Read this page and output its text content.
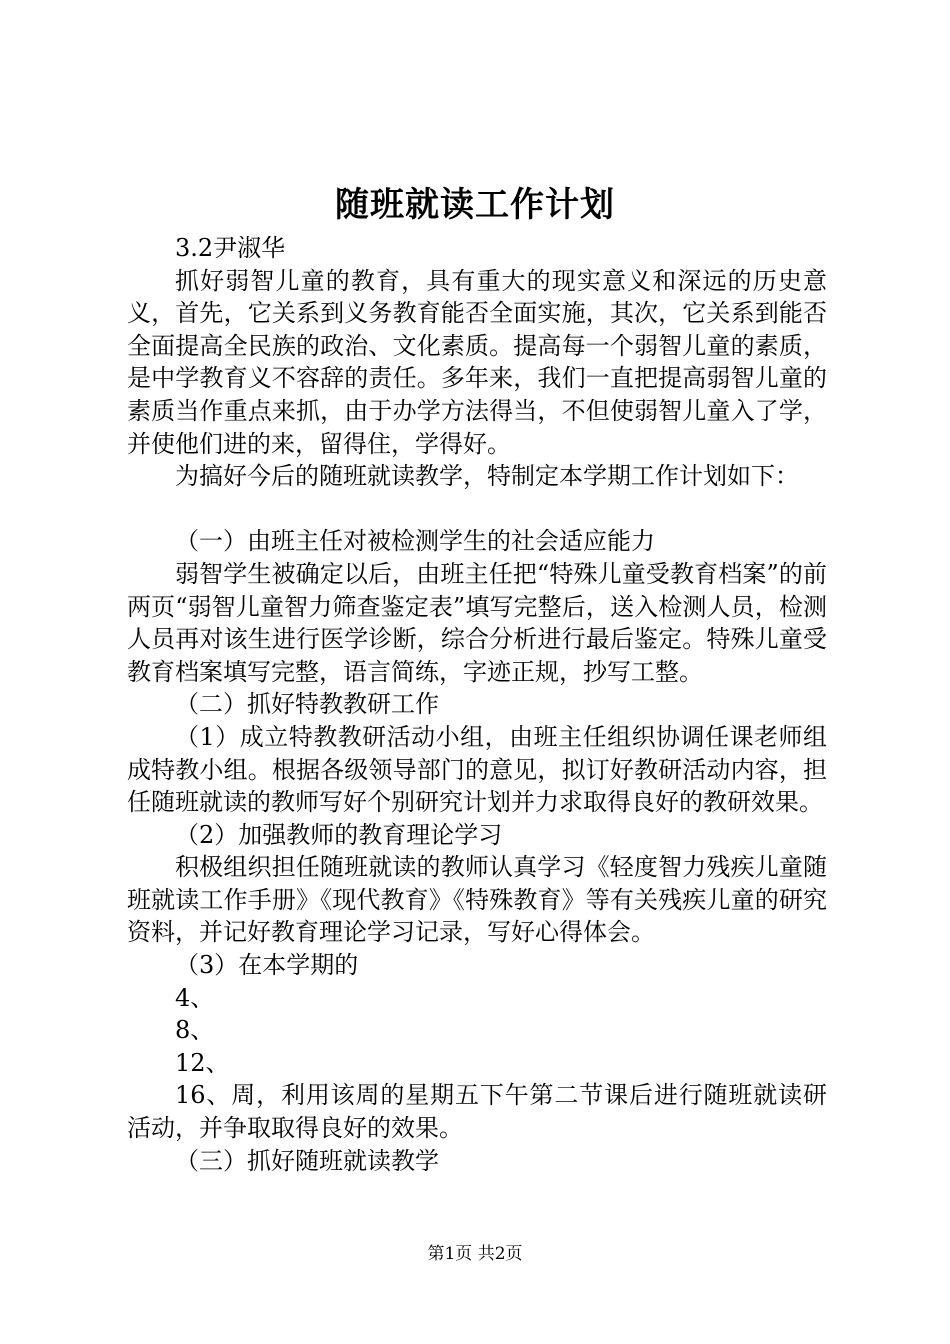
随班就读工作计划

3.2尹淑华

抓好弱智儿童的教育，具有重大的现实意义和深远的历史意义，首先，它关系到义务教育能否全面实施，其次，它关系到能否全面提高全民族的政治、文化素质。提高每一个弱智儿童的素质，是中学教育义不容辞的责任。多年来，我们一直把提高弱智儿童的素质当作重点来抓，由于办学方法得当，不但使弱智儿童入了学，并使他们进的来，留得住，学得好。

为搞好今后的随班就读教学，特制定本学期工作计划如下：

（一）由班主任对被检测学生的社会适应能力

弱智学生被确定以后，由班主任把“特殊儿童受教育档案”的前两页“弱智儿童智力筛查鉴定表”填写完整后，送入检测人员，检测人员再对该生进行医学诊断，综合分析进行最后鉴定。特殊儿童受教育档案填写完整，语言简练，字迹正规，抄写工整。

（二）抓好特教教研工作

（1）成立特教教研活动小组，由班主任组织协调任课老师组成特教小组。根据各级领导部门的意见，拟订好教研活动内容，担任随班就读的教师写好个别研究计划并力求取得良好的教研效果。

（2）加强教师的教育理论学习

积极组织担任随班就读的教师认真学习《轻度智力残疾儿童随班就读工作手册》《现代教育》《特殊教育》等有关残疾儿童的研究资料，并记好教育理论学习记录，写好心得体会。

（3）在本学期的

4、

8、

12、

16、周，利用该周的星期五下午第二节课后进行随班就读研活动，并争取取得良好的效果。

（三）抓好随班就读教学

第1页 共2页
